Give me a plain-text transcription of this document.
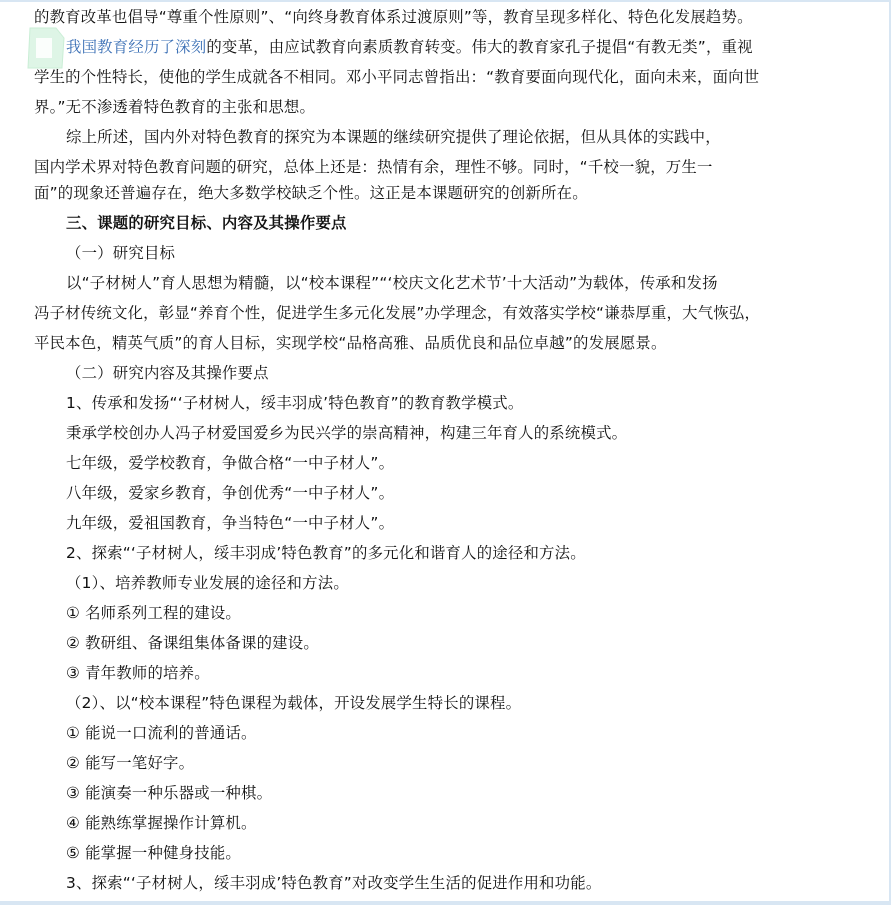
的教育改革也倡导“尊重个性原则”、“向终身教育体系过渡原则”等，教育呈现多样化、特色化发展趋势。
我国教育经历了深刻的变革，由应试教育向素质教育转变。伟大的教育家孔子提倡“有教无类”，重视
学生的个性特长，使他的学生成就各不相同。邓小平同志曾指出：“教育要面向现代化，面向未来，面向世
界。”无不渗透着特色教育的主张和思想。
综上所述，国内外对特色教育的探究为本课题的继续研究提供了理论依据，但从具体的实践中，
国内学术界对特色教育问题的研究，总体上还是：热情有余，理性不够。同时，“千校一貌，万生一
面”的现象还普遍存在，绝大多数学校缺乏个性。这正是本课题研究的创新所在。
三、课题的研究目标、内容及其操作要点
（一）研究目标
以“子材树人”育人思想为精髓，以“校本课程”“‘校庆文化艺术节’十大活动”为载体，传承和发扬
冯子材传统文化，彰显“养育个性，促进学生多元化发展”办学理念，有效落实学校“谦恭厚重，大气恢弘，
平民本色，精英气质”的育人目标，实现学校“品格高雅、品质优良和品位卓越”的发展愿景。
（二）研究内容及其操作要点
1、传承和发扬“‘子材树人，绥丰羽成’特色教育”的教育教学模式。
秉承学校创办人冯子材爱国爱乡为民兴学的崇高精神，构建三年育人的系统模式。
七年级，爱学校教育，争做合格“一中子材人”。
八年级，爱家乡教育，争创优秀“一中子材人”。
九年级，爱祖国教育，争当特色“一中子材人”。
2、探索“‘子材树人，绥丰羽成’特色教育”的多元化和谐育人的途径和方法。
（1）、培养教师专业发展的途径和方法。
① 名师系列工程的建设。
② 教研组、备课组集体备课的建设。
③ 青年教师的培养。
（2）、以“校本课程”特色课程为载体，开设发展学生特长的课程。
① 能说一口流利的普通话。
② 能写一笔好字。
③ 能演奏一种乐器或一种棋。
④ 能熟练掌握操作计算机。
⑤ 能掌握一种健身技能。
3、探索“‘子材树人，绥丰羽成’特色教育”对改变学生生活的促进作用和功能。
